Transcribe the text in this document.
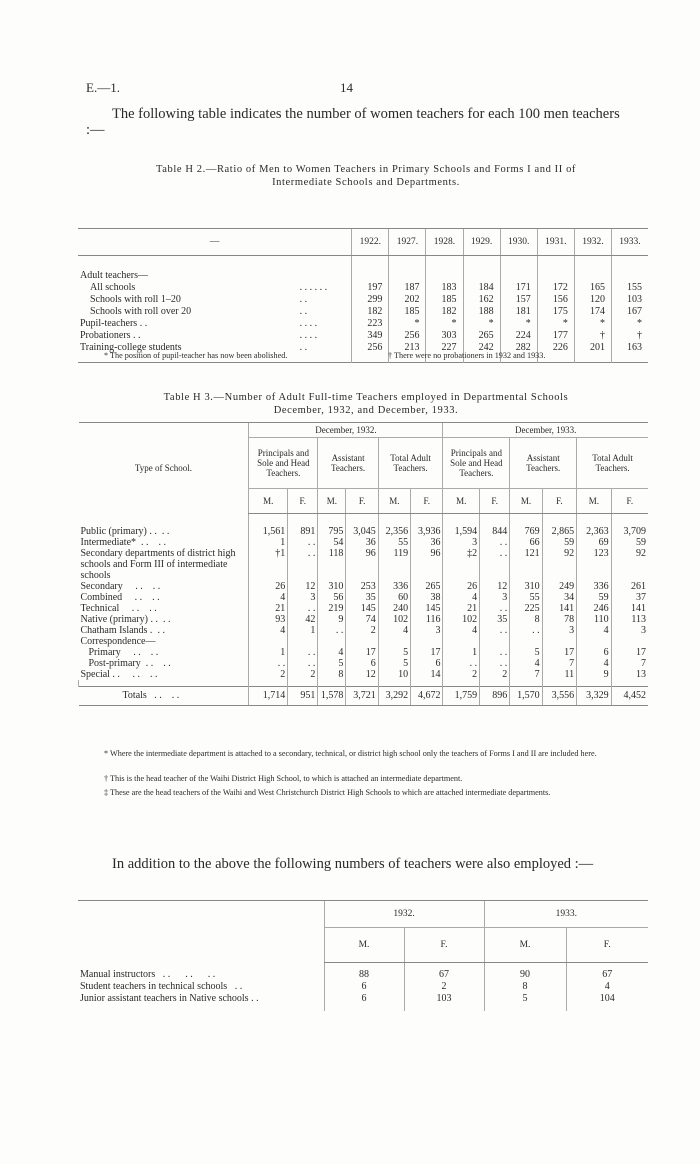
E.—1.	14
The following table indicates the number of women teachers for each 100 men teachers :—
Table H 2.—Ratio of Men to Women Teachers in Primary Schools and Forms I and II of
Intermediate Schools and Departments.
—		1922.	1927.	1928.	1929.	1930.	1931.	1932.	1933.

Adult teachers—									
All schools	. . . . . .	197	187	183	184	171	172	165	155
Schools with roll 1–20	. .	299	202	185	162	157	156	120	103
Schools with roll over 20	. .	182	185	182	188	181	175	174	167
Pupil-teachers . .	. . . .	223	*	*	*	*	*	*	*
Probationers . .	. . . .	349	256	303	265	224	177	†	†
Training-college students	. .	256	213	227	242	282	226	201	163
* The position of pupil-teacher has now been abolished.	† There were no probationers in 1932 and 1933.
Table H 3.—Number of Adult Full-time Teachers employed in Departmental Schools
December, 1932, and December, 1933.
Type of School.	December, 1932.						December, 1933.					
	Principals and Sole and Head Teachers.		Assistant Teachers.		Total Adult Teachers.		Principals and Sole and Head Teachers.		Assistant Teachers.		Total Adult Teachers.	
	M.	F.	M.	F.	M.	F.	M.	F.	M.	F.	M.	F.
Public (primary) . .  . .	1,561	891	795	3,045	2,356	3,936	1,594	844	769	2,865	2,363	3,709
Intermediate*  . .    . .	1	. .	54	36	55	36	3	. .	66	59	69	59
Secondary departments of district high schools and Form III of intermediate schools	†1	. .	118	96	119	96	‡2	. .	121	92	123	92
Secondary     . .    . .	26	12	310	253	336	265	26	12	310	249	336	261
Combined     . .    . .	4	3	56	35	60	38	4	3	55	34	59	37
Technical     . .    . .	21	. .	219	145	240	145	21	. .	225	141	246	141
Native (primary) . .  . .	93	42	9	74	102	116	102	35	8	78	110	113
Chatham Islands .  . .	4	1	. .	2	4	3	4	. .	. .	3	4	3
Correspondence—												
Primary     . .    . .	1	. .	4	17	5	17	1	. .	5	17	6	17
Post-primary  . .    . .	. .	. .	5	6	5	6	. .	. .	4	7	4	7
Special . .     . .    . .	2	2	8	12	10	14	2	2	7	11	9	13

Totals   . .    . .	1,714	951	1,578	3,721	3,292	4,672	1,759	896	1,570	3,556	3,329	4,452
* Where the intermediate department is attached to a secondary, technical, or district high school only the teachers of Forms I and II are included here.
† This is the head teacher of the Waihi District High School, to which is attached an intermediate department.
‡ These are the head teachers of the Waihi and West Christchurch District High Schools to which are attached intermediate departments.
In addition to the above the following numbers of teachers were also employed :—
	1932.		1933.	
	M.	F.	M.	F.
Manual instructors   . .      . .      . .	88	67	90	67
Student teachers in technical schools   . .	6	2	8	4
Junior assistant teachers in Native schools . .	6	103	5	104
